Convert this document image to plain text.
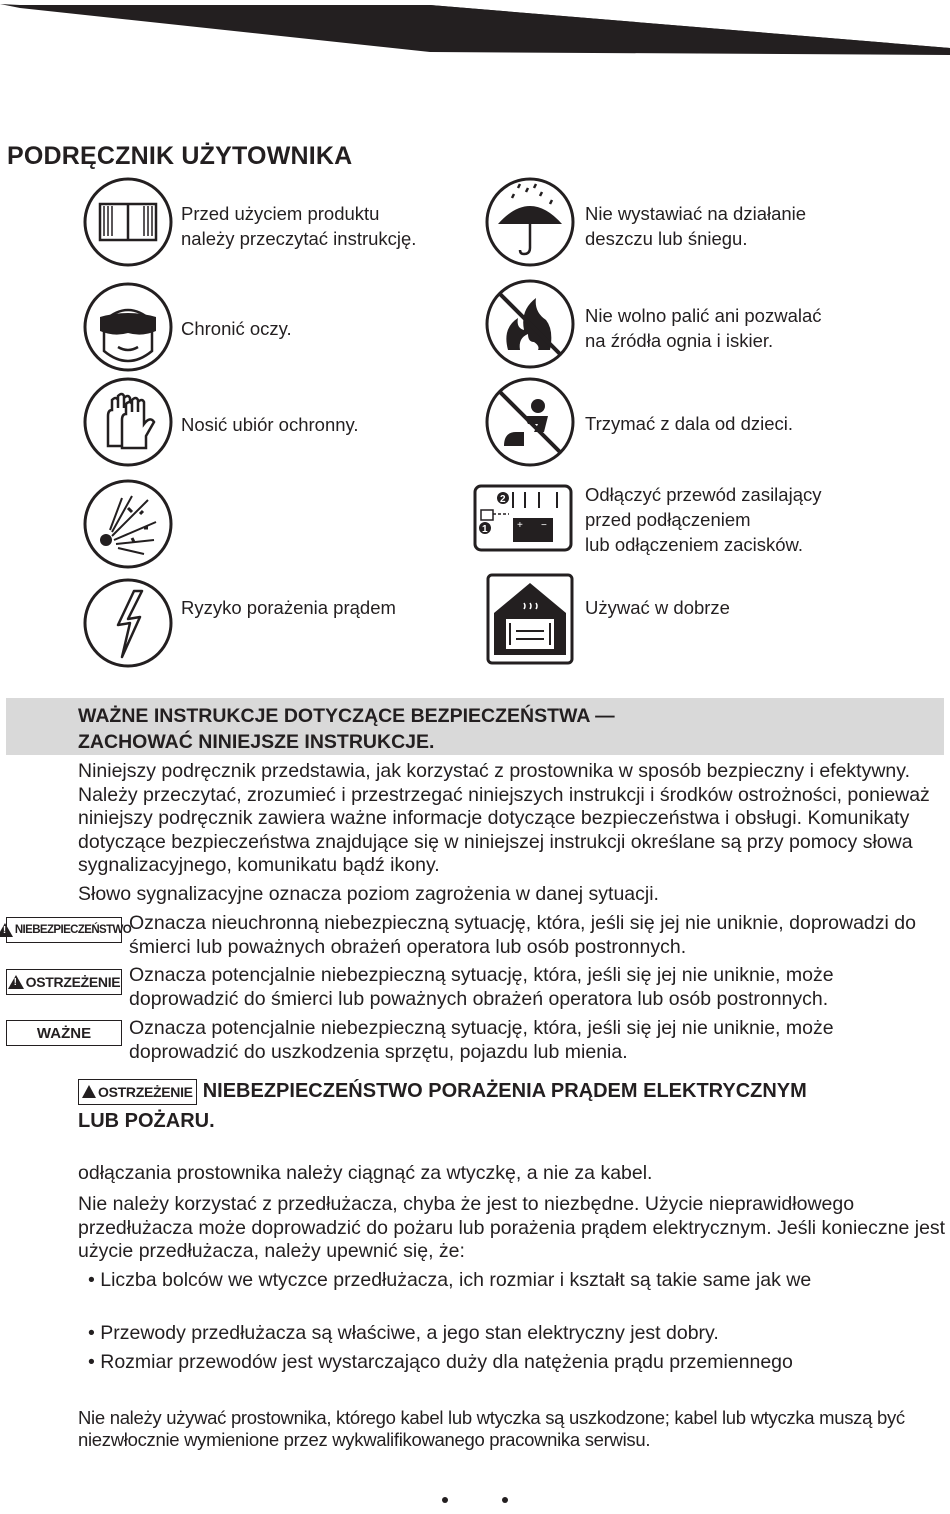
PODRĘCZNIK UŻYTOWNIKA
Przed użyciem produktu
należy przeczytać instrukcję.
Chronić oczy.
Nosić ubiór ochronny.
Ryzyko porażenia prądem
Nie wystawiać na działanie
deszczu lub śniegu.
Nie wolno palić ani pozwalać
na źródła ognia i iskier.
Trzymać z dala od dzieci.
2
1	+ −
Odłączyć przewód zasilający
przed podłączeniem
lub odłączeniem zacisków.
Używać w dobrze
WAŻNE INSTRUKCJE DOTYCZĄCE BEZPIECZEŃSTWA —
ZACHOWAĆ NINIEJSZE INSTRUKCJE.
Niniejszy podręcznik przedstawia, jak korzystać z prostownika w sposób bezpieczny i efektywny. Należy przeczytać, zrozumieć i przestrzegać niniejszych instrukcji i środków ostrożności, ponieważ niniejszy podręcznik zawiera ważne informacje dotyczące bezpieczeństwa i obsługi. Komunikaty dotyczące bezpieczeństwa znajdujące się w niniejszej instrukcji określane są przy pomocy słowa sygnalizacyjnego, komunikatu bądź ikony.
Słowo sygnalizacyjne oznacza poziom zagrożenia w danej sytuacji.
! NIEBEZPIECZEŃSTWO
Oznacza nieuchronną niebezpieczną sytuację, która, jeśli się jej nie uniknie, doprowadzi do śmierci lub poważnych obrażeń operatora lub osób postronnych.
! OSTRZEŻENIE Oznacza potencjalnie niebezpieczną sytuację, która, jeśli się jej nie uniknie, może doprowadzić do śmierci lub poważnych obrażeń operatora lub osób postronnych.
WAŻNE Oznacza potencjalnie niebezpieczną sytuację, która, jeśli się jej nie uniknie, może doprowadzić do uszkodzenia sprzętu, pojazdu lub mienia.
OSTRZEŻENIE NIEBEZPIECZEŃSTWO PORAŻENIA PRĄDEM ELEKTRYCZNYM
LUB POŻARU.
odłączania prostownika należy ciągnąć za wtyczkę, a nie za kabel.
Nie należy korzystać z przedłużacza, chyba że jest to niezbędne. Użycie nieprawidłowego przedłużacza może doprowadzić do pożaru lub porażenia prądem elektrycznym. Jeśli konieczne jest użycie przedłużacza, należy upewnić się, że:
• Liczba bolców we wtyczce przedłużacza, ich rozmiar i kształt są takie same jak we
• Przewody przedłużacza są właściwe, a jego stan elektryczny jest dobry.
• Rozmiar przewodów jest wystarczająco duży dla natężenia prądu przemiennego
Nie należy używać prostownika, którego kabel lub wtyczka są uszkodzone; kabel lub wtyczka muszą być niezwłocznie wymienione przez wykwalifikowanego pracownika serwisu.
